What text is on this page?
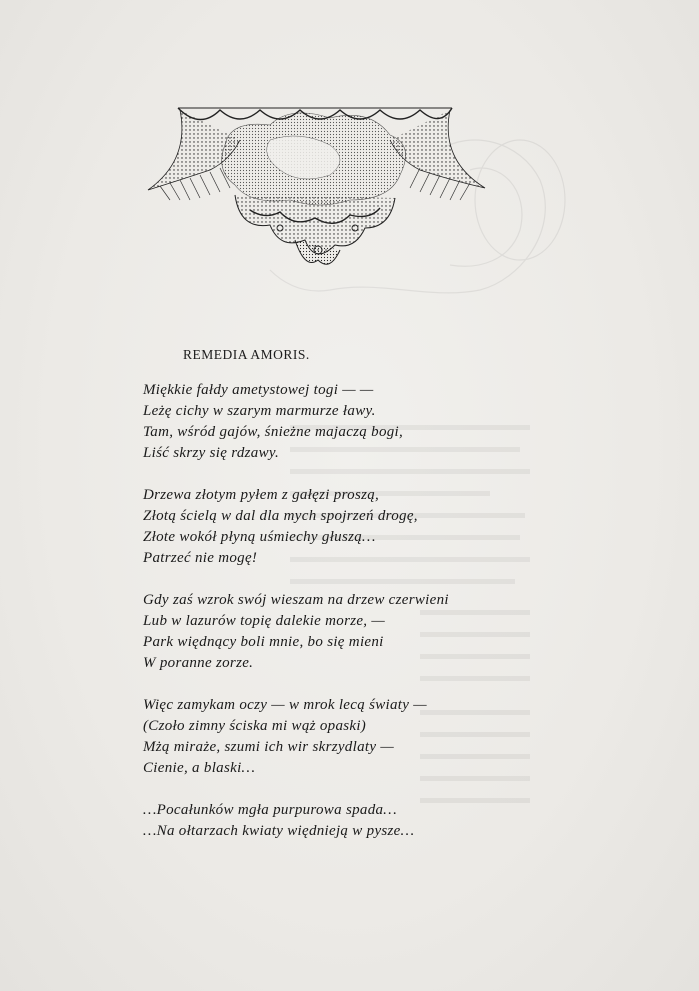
REMEDIA AMORIS.
Miękkie fałdy ametystowej togi — —
Leżę cichy w szarym marmurze ławy.
Tam, wśród gajów, śnieżne majaczą bogi,
Liść skrzy się rdzawy.
Drzewa złotym pyłem z gałęzi proszą,
Złotą ścielą w dal dla mych spojrzeń drogę,
Złote wokół płyną uśmiechy głuszą…
Patrzeć nie mogę!
Gdy zaś wzrok swój wieszam na drzew czerwieni
Lub w lazurów topię dalekie morze, —
Park więdnący boli mnie, bo się mieni
W poranne zorze.
Więc zamykam oczy — w mrok lecą światy —
(Czoło zimny ściska mi wąż opaski)
Mżą miraże, szumi ich wir skrzydlaty —
Cienie, a blaski…
…Pocałunków mgła purpurowa spada…
…Na ołtarzach kwiaty więdnieją w pysze…
